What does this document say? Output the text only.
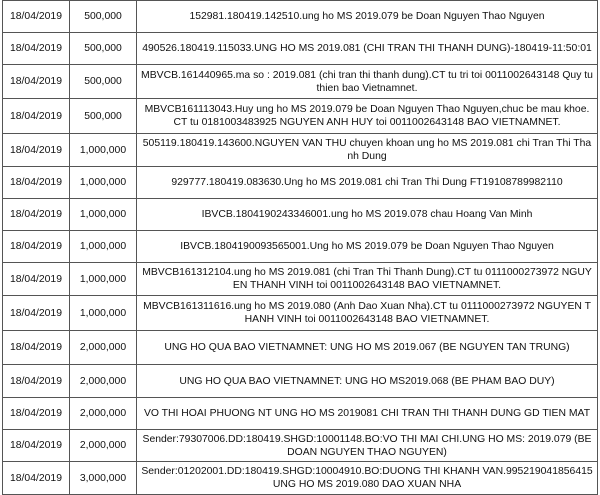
18/04/2019	500,000	152981.180419.142510.ung ho MS 2019.079 be Doan Nguyen Thao Nguyen
18/04/2019	500,000	490526.180419.115033.UNG HO MS 2019.081 (CHI TRAN THI THANH DUNG)-180419-11:50:01
18/04/2019	500,000	MBVCB.161440965.ma so : 2019.081 (chi tran thi thanh dung).CT tu tri toi 0011002643148 Quy tu thien bao Vietnamnet.
18/04/2019	500,000	MBVCB161113043.Huy ung ho MS 2019.079 be Doan Nguyen Thao Nguyen,chuc be mau khoe.CT tu 0181003483925 NGUYEN ANH HUY toi 0011002643148 BAO VIETNAMNET.
18/04/2019	1,000,000	505119.180419.143600.NGUYEN VAN THU chuyen khoan ung ho MS 2019.081 chi Tran Thi Thanh Dung
18/04/2019	1,000,000	929777.180419.083630.Ung ho MS 2019.081 chi Tran Thi Dung FT19108789982110
18/04/2019	1,000,000	IBVCB.1804190243346001.ung ho MS 2019.078 chau Hoang Van Minh
18/04/2019	1,000,000	IBVCB.1804190093565001.Ung ho MS 2019.079 be Doan Nguyen Thao Nguyen
18/04/2019	1,000,000	MBVCB161312104.ung ho MS 2019.081 (chi Tran Thi Thanh Dung).CT tu 0111000273972 NGUYEN THANH VINH toi 0011002643148 BAO VIETNAMNET.
18/04/2019	1,000,000	MBVCB161311616.ung ho MS 2019.080 (Anh Dao Xuan Nha).CT tu 0111000273972 NGUYEN THANH VINH toi 0011002643148 BAO VIETNAMNET.
18/04/2019	2,000,000	UNG HO QUA BAO VIETNAMNET: UNG HO MS 2019.067 (BE NGUYEN TAN TRUNG)
18/04/2019	2,000,000	UNG HO QUA BAO VIETNAMNET: UNG HO MS2019.068 (BE PHAM BAO DUY)
18/04/2019	2,000,000	VO THI HOAI PHUONG NT UNG HO MS 2019081 CHI TRAN THI THANH DUNG GD TIEN MAT
18/04/2019	2,000,000	Sender:79307006.DD:180419.SHGD:10001148.BO:VO THI MAI CHI.UNG HO MS: 2019.079 (BE DOAN NGUYEN THAO NGUYEN)
18/04/2019	3,000,000	Sender:01202001.DD:180419.SHGD:10004910.BO:DUONG THI KHANH VAN.995219041856415 UNG HO MS 2019.080 DAO XUAN NHA
